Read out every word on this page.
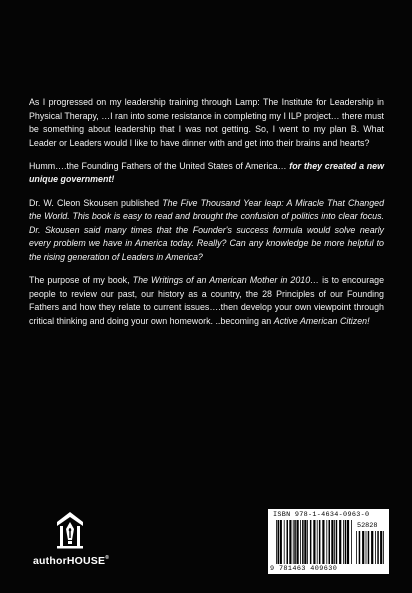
As I progressed on my leadership training through Lamp: The Institute for Leadership in Physical Therapy, …I ran into some resistance in completing my I ILP project… there must be something about leadership that I was not getting. So, I went to my plan B. What Leader or Leaders would I like to have dinner with and get into their brains and hearts?

Humm….the Founding Fathers of the United States of America… for they created a new unique government!

Dr. W. Cleon Skousen published The Five Thousand Year leap: A Miracle That Changed the World. This book is easy to read and brought the confusion of politics into clear focus. Dr. Skousen said many times that the Founder's success formula would solve nearly every problem we have in America today. Really? Can any knowledge be more helpful to the rising generation of Leaders in America?

The purpose of my book, The Writings of an American Mother in 2010… is to encourage people to review our past, our history as a country, the 28 Principles of our Founding Fathers and how they relate to current issues….then develop your own viewpoint through critical thinking and doing your own homework. ..becoming an Active American Citizen!

authorHOUSE®
ISBN 978-1-4634-0963-0
52828
9 781463 409630
